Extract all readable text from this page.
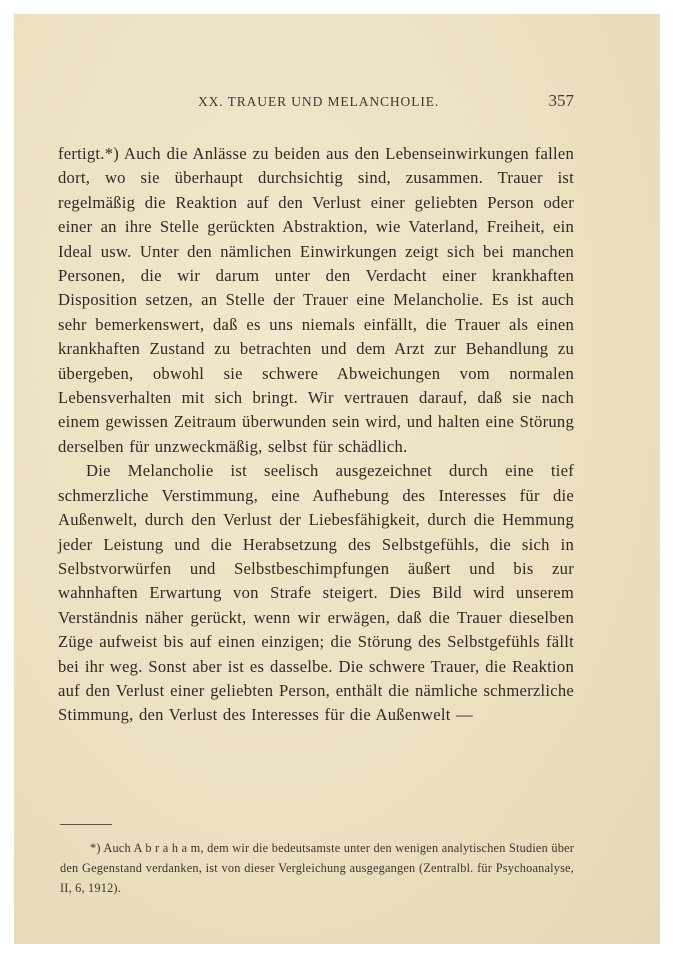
XX. TRAUER UND MELANCHOLIE.	357

fertigt.*) Auch die Anlässe zu beiden aus den Lebenseinwirkungen fallen dort, wo sie überhaupt durchsichtig sind, zusammen. Trauer ist regelmäßig die Reaktion auf den Verlust einer geliebten Person oder einer an ihre Stelle gerückten Abstraktion, wie Vaterland, Freiheit, ein Ideal usw. Unter den nämlichen Einwirkungen zeigt sich bei manchen Personen, die wir darum unter den Verdacht einer krankhaften Disposition setzen, an Stelle der Trauer eine Melancholie. Es ist auch sehr bemerkenswert, daß es uns niemals einfällt, die Trauer als einen krankhaften Zustand zu betrachten und dem Arzt zur Behandlung zu übergeben, obwohl sie schwere Abweichungen vom normalen Lebensverhalten mit sich bringt. Wir vertrauen darauf, daß sie nach einem gewissen Zeitraum überwunden sein wird, und halten eine Störung derselben für unzweckmäßig, selbst für schädlich.

Die Melancholie ist seelisch ausgezeichnet durch eine tief schmerzliche Verstimmung, eine Aufhebung des Interesses für die Außenwelt, durch den Verlust der Liebesfähigkeit, durch die Hemmung jeder Leistung und die Herabsetzung des Selbstgefühls, die sich in Selbstvorwürfen und Selbstbeschimpfungen äußert und bis zur wahnhaften Erwartung von Strafe steigert. Dies Bild wird unserem Verständnis näher gerückt, wenn wir erwägen, daß die Trauer dieselben Züge aufweist bis auf einen einzigen; die Störung des Selbstgefühls fällt bei ihr weg. Sonst aber ist es dasselbe. Die schwere Trauer, die Reaktion auf den Verlust einer geliebten Person, enthält die nämliche schmerzliche Stimmung, den Verlust des Interesses für die Außenwelt —

*) Auch A b r a h a m, dem wir die bedeutsamste unter den wenigen analytischen Studien über den Gegenstand verdanken, ist von dieser Vergleichung ausgegangen (Zentralbl. für Psychoanalyse, II, 6, 1912).
